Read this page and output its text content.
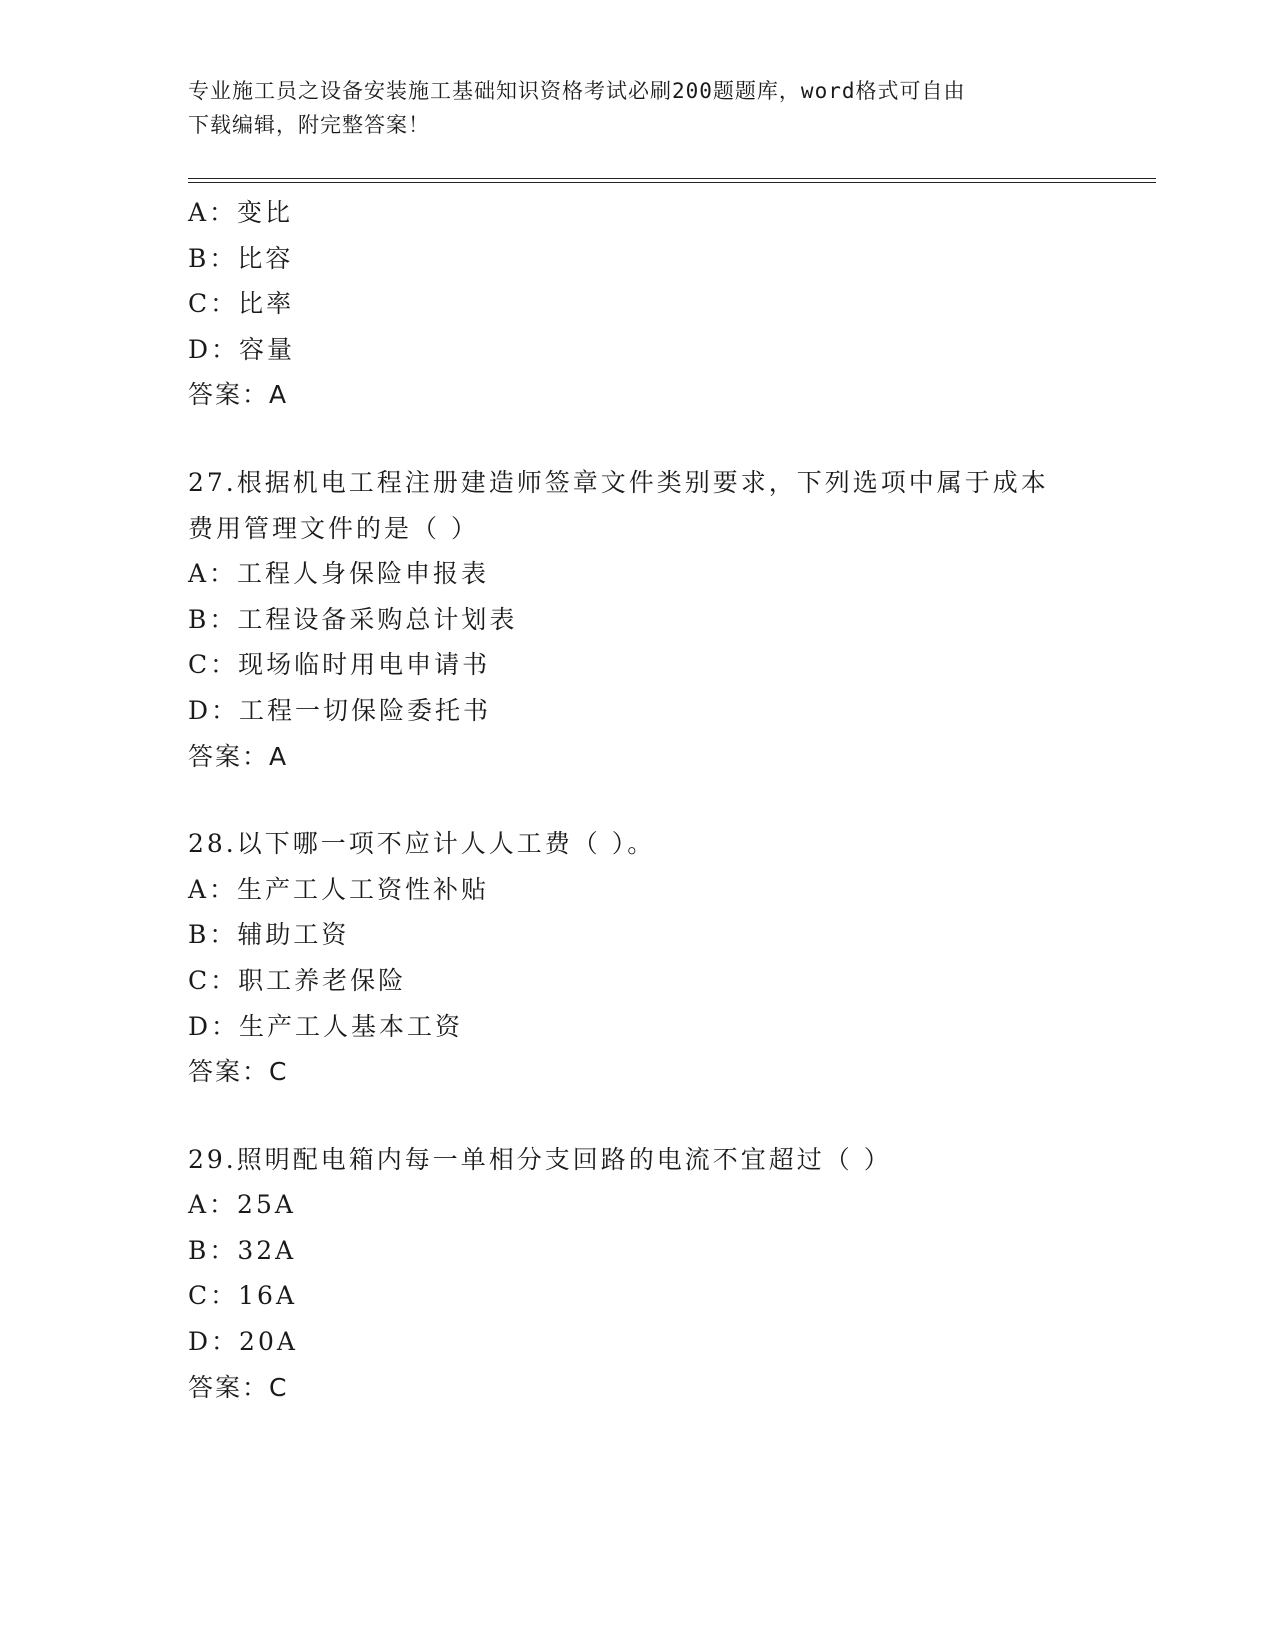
专业施工员之设备安装施工基础知识资格考试必刷200题题库，word格式可自由
下载编辑，附完整答案！
A：变比
B：比容
C：比率
D：容量
答案：A
27.根据机电工程注册建造师签章文件类别要求，下列选项中属于成本
费用管理文件的是（ ）
A：工程人身保险申报表
B：工程设备采购总计划表
C：现场临时用电申请书
D：工程一切保险委托书
答案：A
28.以下哪一项不应计人人工费（ ）。
A：生产工人工资性补贴
B：辅助工资
C：职工养老保险
D：生产工人基本工资
答案：C
29.照明配电箱内每一单相分支回路的电流不宜超过（ ）
A：25A
B：32A
C：16A
D：20A
答案：C
